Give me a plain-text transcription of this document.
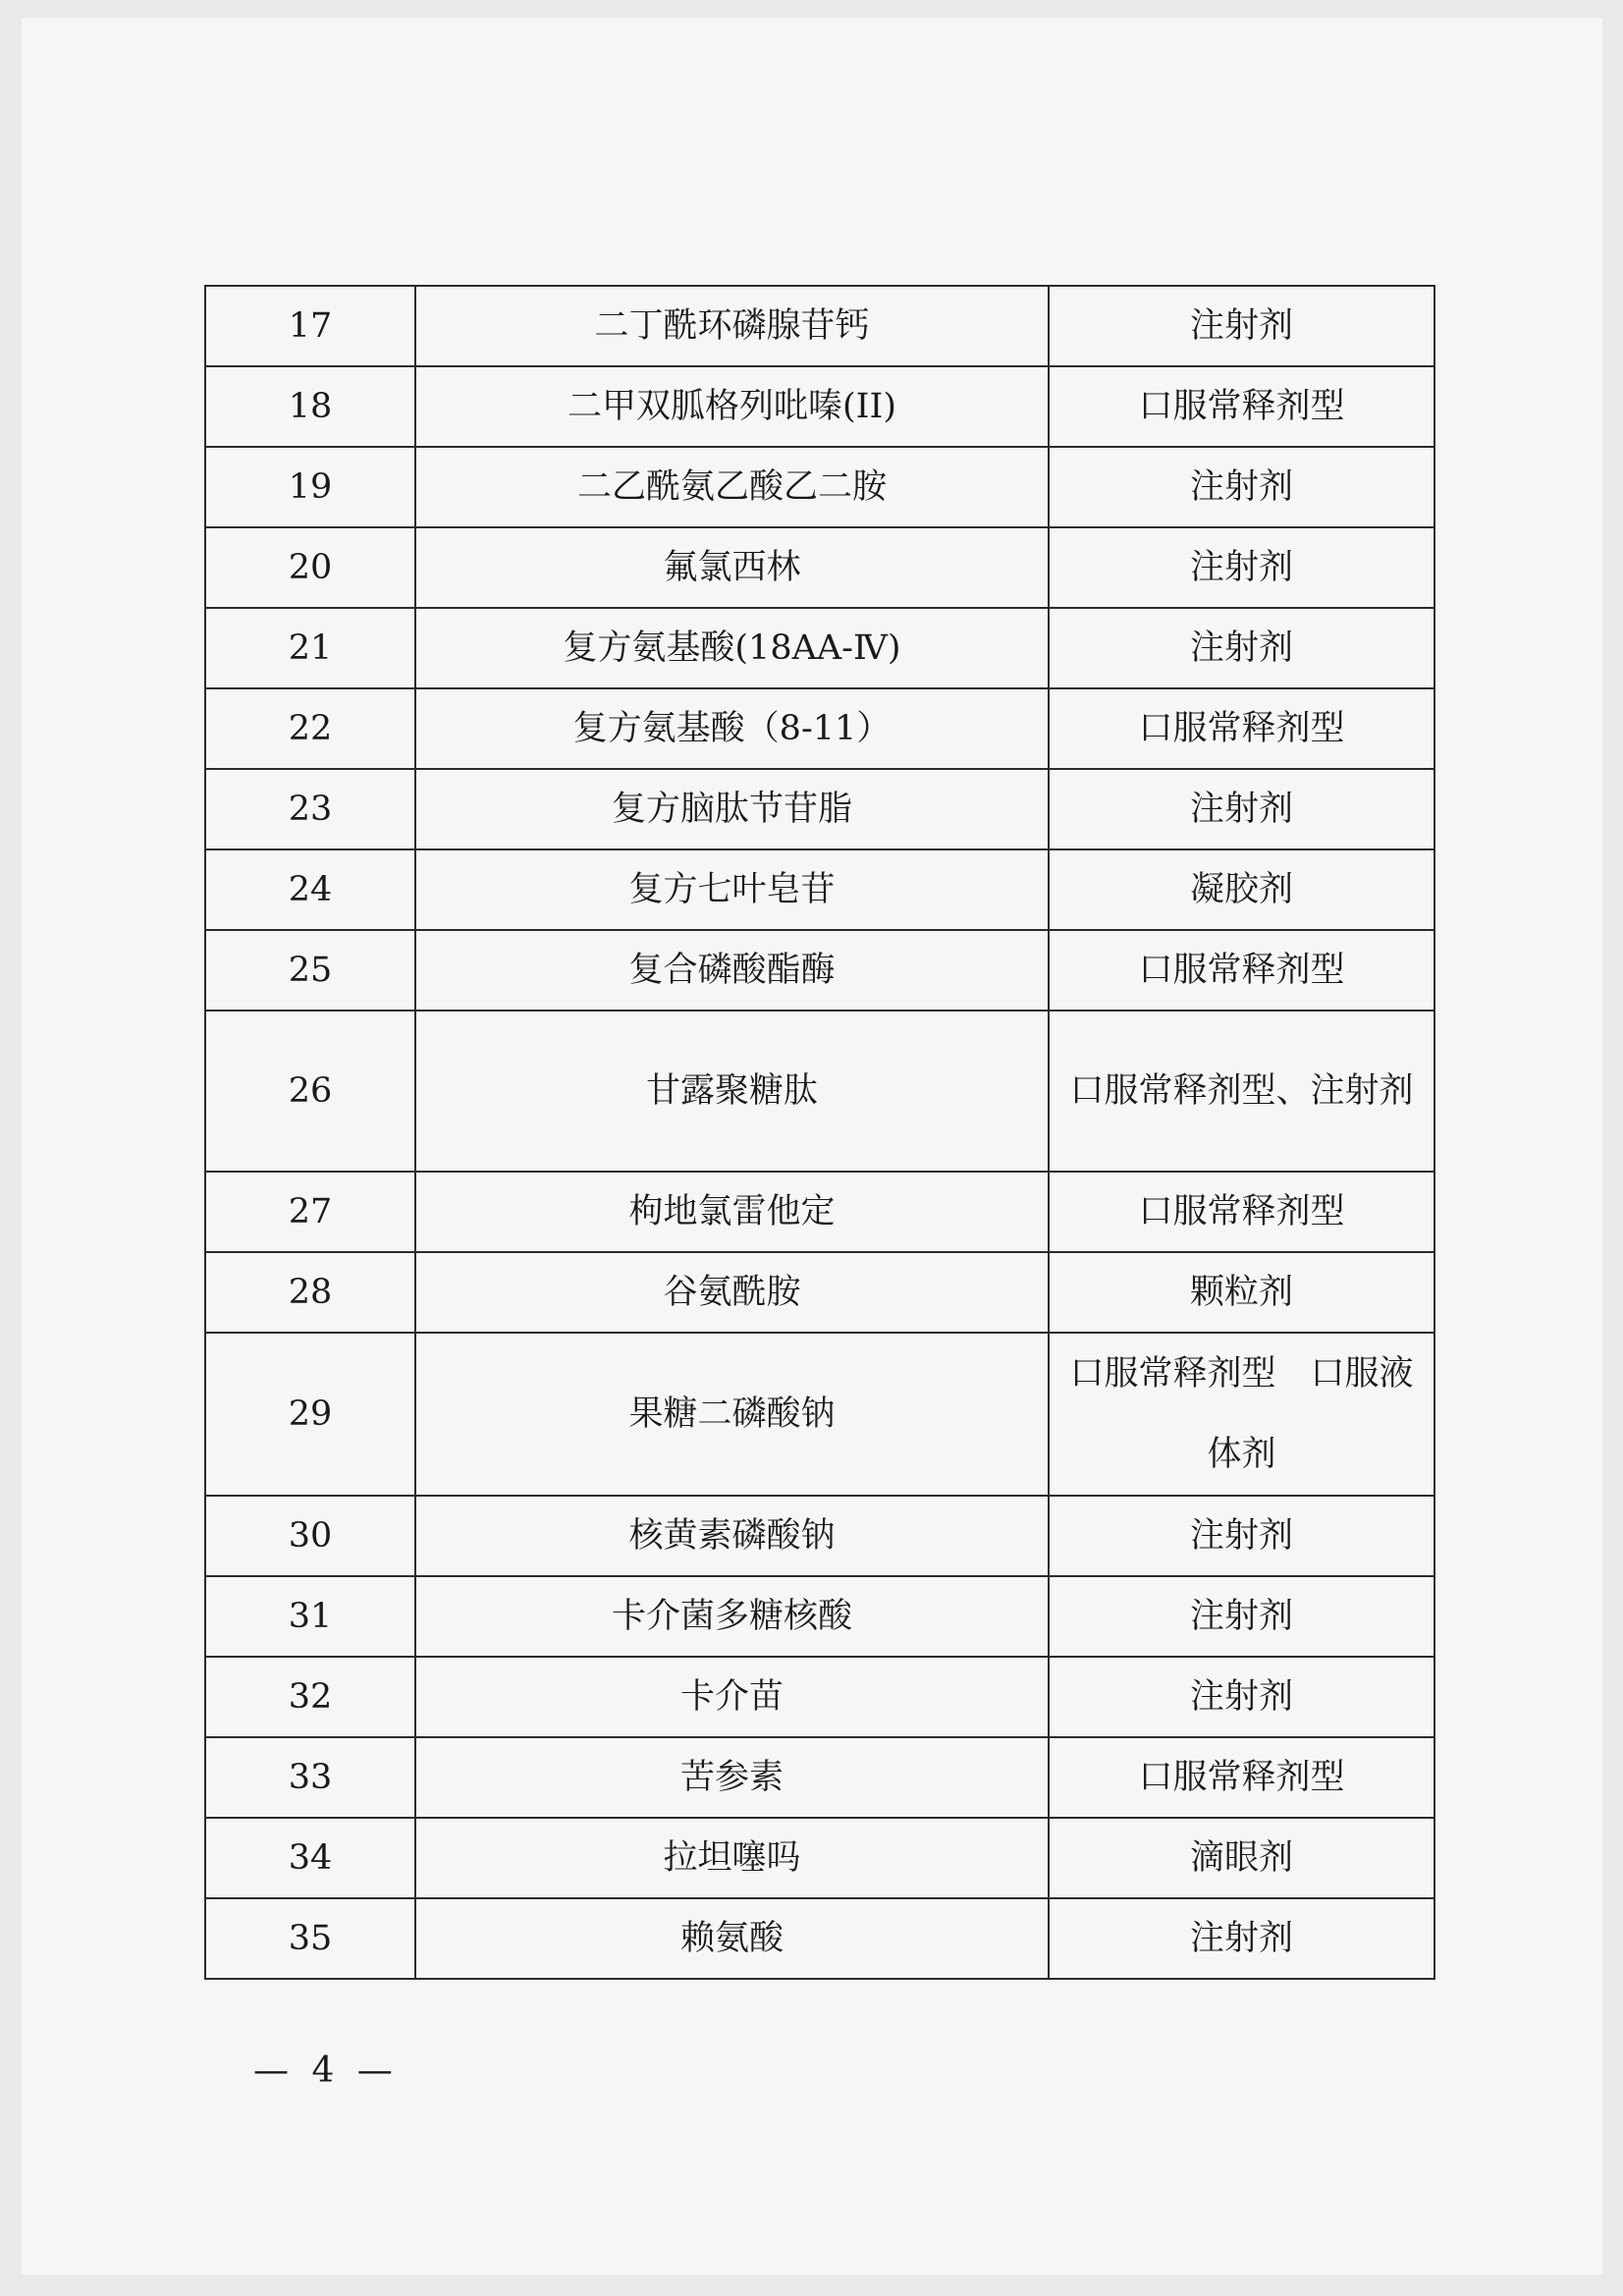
17	二丁酰环磷腺苷钙	注射剂
18	二甲双胍格列吡嗪(II)	口服常释剂型
19	二乙酰氨乙酸乙二胺	注射剂
20	氟氯西林	注射剂
21	复方氨基酸(18AA-Ⅳ)	注射剂
22	复方氨基酸（8-11）	口服常释剂型
23	复方脑肽节苷脂	注射剂
24	复方七叶皂苷	凝胶剂
25	复合磷酸酯酶	口服常释剂型
26	甘露聚糖肽	口服常释剂型、注射剂
27	枸地氯雷他定	口服常释剂型
28	谷氨酰胺	颗粒剂
29	果糖二磷酸钠	口服常释剂型　口服液体剂
30	核黄素磷酸钠	注射剂
31	卡介菌多糖核酸	注射剂
32	卡介苗	注射剂
33	苦参素	口服常释剂型
34	拉坦噻吗	滴眼剂
35	赖氨酸	注射剂
— 4 —
